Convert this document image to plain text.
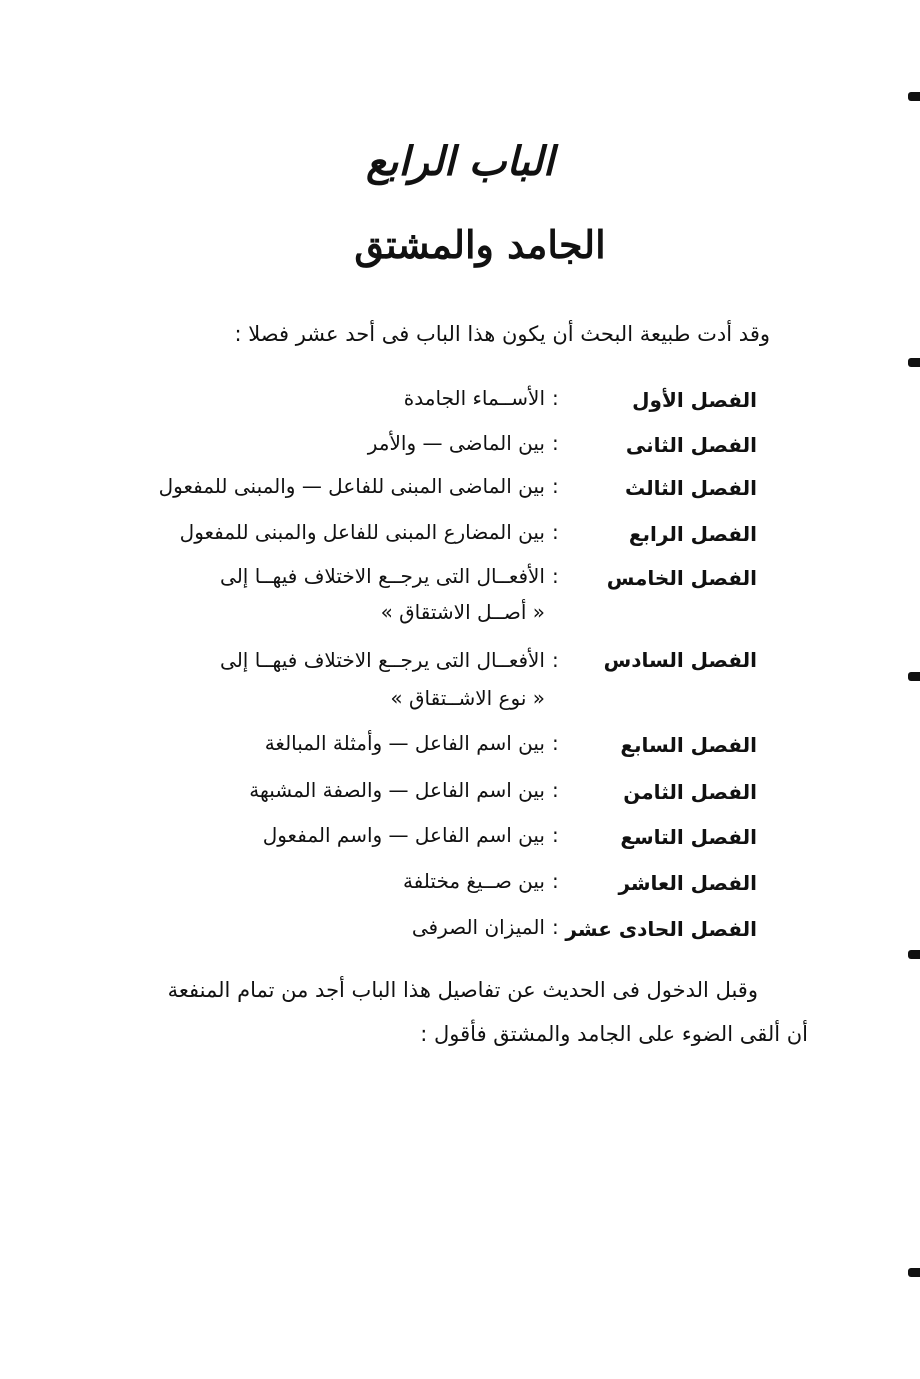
الباب الرابع
الجامد والمشتق
وقد أدت طبيعة البحث أن يكون هذا الباب فى أحد عشر فصلا :
الفصل الأول
:
الأســماء الجامدة
الفصل الثانى
:
بين الماضى — والأمر
الفصل الثالث
:
بين الماضى المبنى للفاعل — والمبنى للمفعول
الفصل الرابع
:
بين المضارع المبنى للفاعل والمبنى للمفعول
الفصل الخامس
:
الأفعــال التى يرجــع الاختلاف فيهــا إلى
« أصــل الاشتقاق »
الفصل السادس
:
الأفعــال التى يرجــع الاختلاف فيهــا إلى
« نوع الاشــتقاق »
الفصل السابع
:
بين اسم الفاعل — وأمثلة المبالغة
الفصل الثامن
:
بين اسم الفاعل — والصفة المشبهة
الفصل التاسع
:
بين اسم الفاعل — واسم المفعول
الفصل العاشر
:
بين صــيغ مختلفة
الفصل الحادى عشر
:
الميزان الصرفى
وقبل الدخول فى الحديث عن تفاصيل هذا الباب أجد من تمام المنفعة
أن ألقى الضوء على الجامد والمشتق فأقول :
